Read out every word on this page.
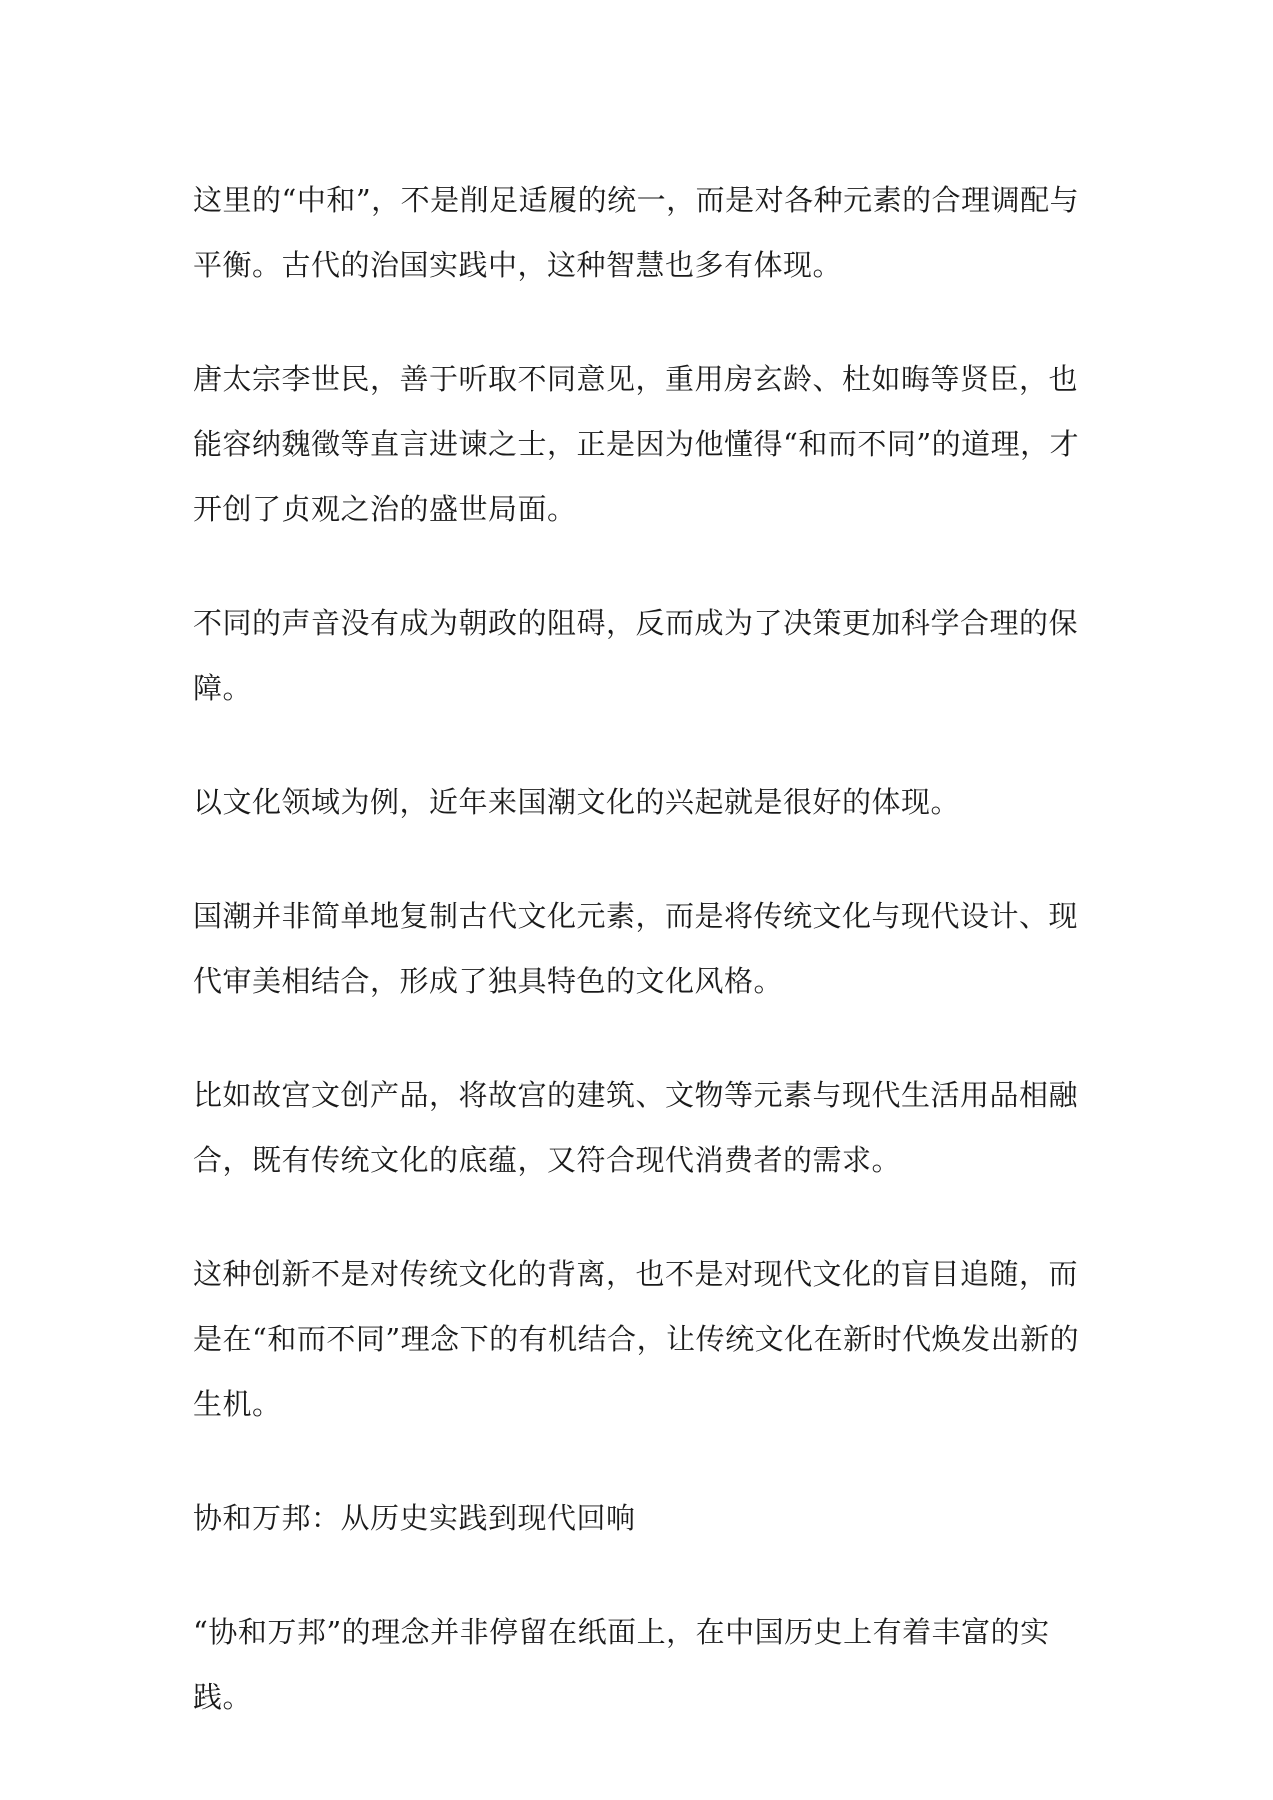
这里的“中和”，不是削足适履的统一，而是对各种元素的合理调配与平衡。古代的治国实践中，这种智慧也多有体现。

唐太宗李世民，善于听取不同意见，重用房玄龄、杜如晦等贤臣，也能容纳魏徵等直言进谏之士，正是因为他懂得“和而不同”的道理，才开创了贞观之治的盛世局面。

不同的声音没有成为朝政的阻碍，反而成为了决策更加科学合理的保障。

以文化领域为例，近年来国潮文化的兴起就是很好的体现。

国潮并非简单地复制古代文化元素，而是将传统文化与现代设计、现代审美相结合，形成了独具特色的文化风格。

比如故宫文创产品，将故宫的建筑、文物等元素与现代生活用品相融合，既有传统文化的底蕴，又符合现代消费者的需求。

这种创新不是对传统文化的背离，也不是对现代文化的盲目追随，而是在“和而不同”理念下的有机结合，让传统文化在新时代焕发出新的生机。

协和万邦：从历史实践到现代回响

“协和万邦”的理念并非停留在纸面上，在中国历史上有着丰富的实践。
